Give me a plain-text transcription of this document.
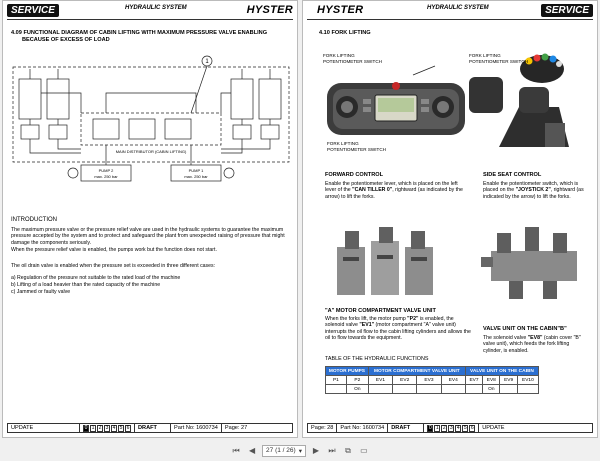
SERVICE	HYDRAULIC SYSTEM	HYSTER
4.09 FUNCTIONAL DIAGRAM OF CABIN LIFTING WITH MAXIMUM PRESSURE VALVE ENABLING
BECAUSE OF EXCESS OF LOAD
1
MAIN DISTRIBUTOR (CABIN LIFTING)
PUMP 2
max. 250 bar
PUMP 1
max. 250 bar
INTRODUCTION
The maximum pressure valve or the pressure relief valve are used in the hydraulic systems to guarantee the maximum pressure accepted by the system and to protect and safeguard the plant from unexpected raising of pressure that might damage the components seriously.
When the pressure relief valve is enabled, the pumps work but the function does not start.
The oil drain valve is enabled when the pressure set is exceeded in three different cases:
a) Regulation of the pressure not suitable to the rated load of the machine
b) Lifting of a load heavier than the rated capacity of the machine
c) Jammed or faulty valve
UPDATE	0 1 2 3 4 5 6	DRAFT	Part No: 1600734	Page: 27
HYSTER	HYDRAULIC SYSTEM	SERVICE
4.10 FORK LIFTING
FORK LIFTING
POTENTIOMETER SWITCH
FORK LIFTING
POTENTIOMETER SWITCH
FORK LIFTING
POTENTIOMETER SWITCH
FORWARD CONTROL
Enable the potentiometer lever, which is placed on the left lever of the "CAN TILLER 0", rightward (as indicated by the arrow) to lift the forks.
SIDE SEAT CONTROL
Enable the potentiometer switch, which is placed on the "JOYSTICK 2", rightward (as indicated by the arrow) to lift the forks.
"A" MOTOR COMPARTMENT VALVE UNIT
When the forks lift, the motor pump "P2" is enabled, the solenoid valve "EV1" (motor compartment "A" valve unit) interrupts the oil flow to the cabin lifting cylinders and allows the oil to flow towards the equipment.
VALVE UNIT ON THE CABIN"B"
The solenoid valve "EV8" (cabin cover "B" valve unit), which feeds the fork lifting cylinder, is enabled.
TABLE OF THE HYDRAULIC FUNCTIONS
MOTOR PUMPS		MOTOR COMPARTMENT VALVE UNIT				VALVE UNIT ON THE CABIN			
P1	P2	EV1	EV2	EV3	EV4	EV7	EV8	EV9	EV10
	On						On		
Page: 28	Part No: 1600734	DRAFT	0 1 2 3 4 5 6	UPDATE
⏮	◀	27 (1 / 26) ▾	▶	⏭	⧉	▭
